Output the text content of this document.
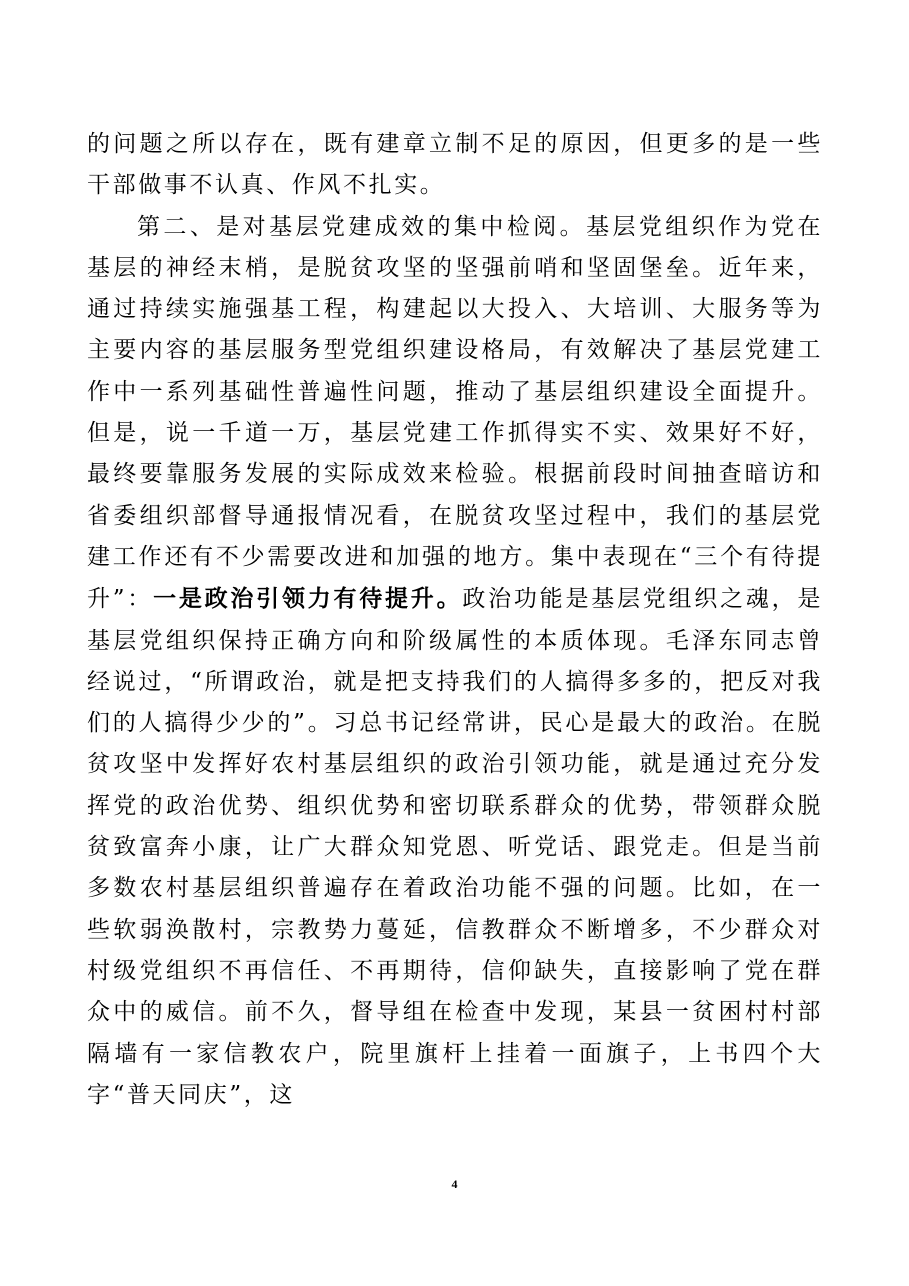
的问题之所以存在，既有建章立制不足的原因，但更多的是一些干部做事不认真、作风不扎实。

第二、是对基层党建成效的集中检阅。基层党组织作为党在基层的神经末梢，是脱贫攻坚的坚强前哨和坚固堡垒。近年来，通过持续实施强基工程，构建起以大投入、大培训、大服务等为主要内容的基层服务型党组织建设格局，有效解决了基层党建工作中一系列基础性普遍性问题，推动了基层组织建设全面提升。但是，说一千道一万，基层党建工作抓得实不实、效果好不好，最终要靠服务发展的实际成效来检验。根据前段时间抽查暗访和省委组织部督导通报情况看，在脱贫攻坚过程中，我们的基层党建工作还有不少需要改进和加强的地方。集中表现在“三个有待提升”：一是政治引领力有待提升。政治功能是基层党组织之魂，是基层党组织保持正确方向和阶级属性的本质体现。毛泽东同志曾经说过，“所谓政治，就是把支持我们的人搞得多多的，把反对我们的人搞得少少的”。习总书记经常讲，民心是最大的政治。在脱贫攻坚中发挥好农村基层组织的政治引领功能，就是通过充分发挥党的政治优势、组织优势和密切联系群众的优势，带领群众脱贫致富奔小康，让广大群众知党恩、听党话、跟党走。但是当前多数农村基层组织普遍存在着政治功能不强的问题。比如，在一些软弱涣散村，宗教势力蔓延，信教群众不断增多，不少群众对村级党组织不再信任、不再期待，信仰缺失，直接影响了党在群众中的威信。前不久，督导组在检查中发现，某县一贫困村村部隔墙有一家信教农户，院里旗杆上挂着一面旗子，上书四个大字“普天同庆”，这

4
